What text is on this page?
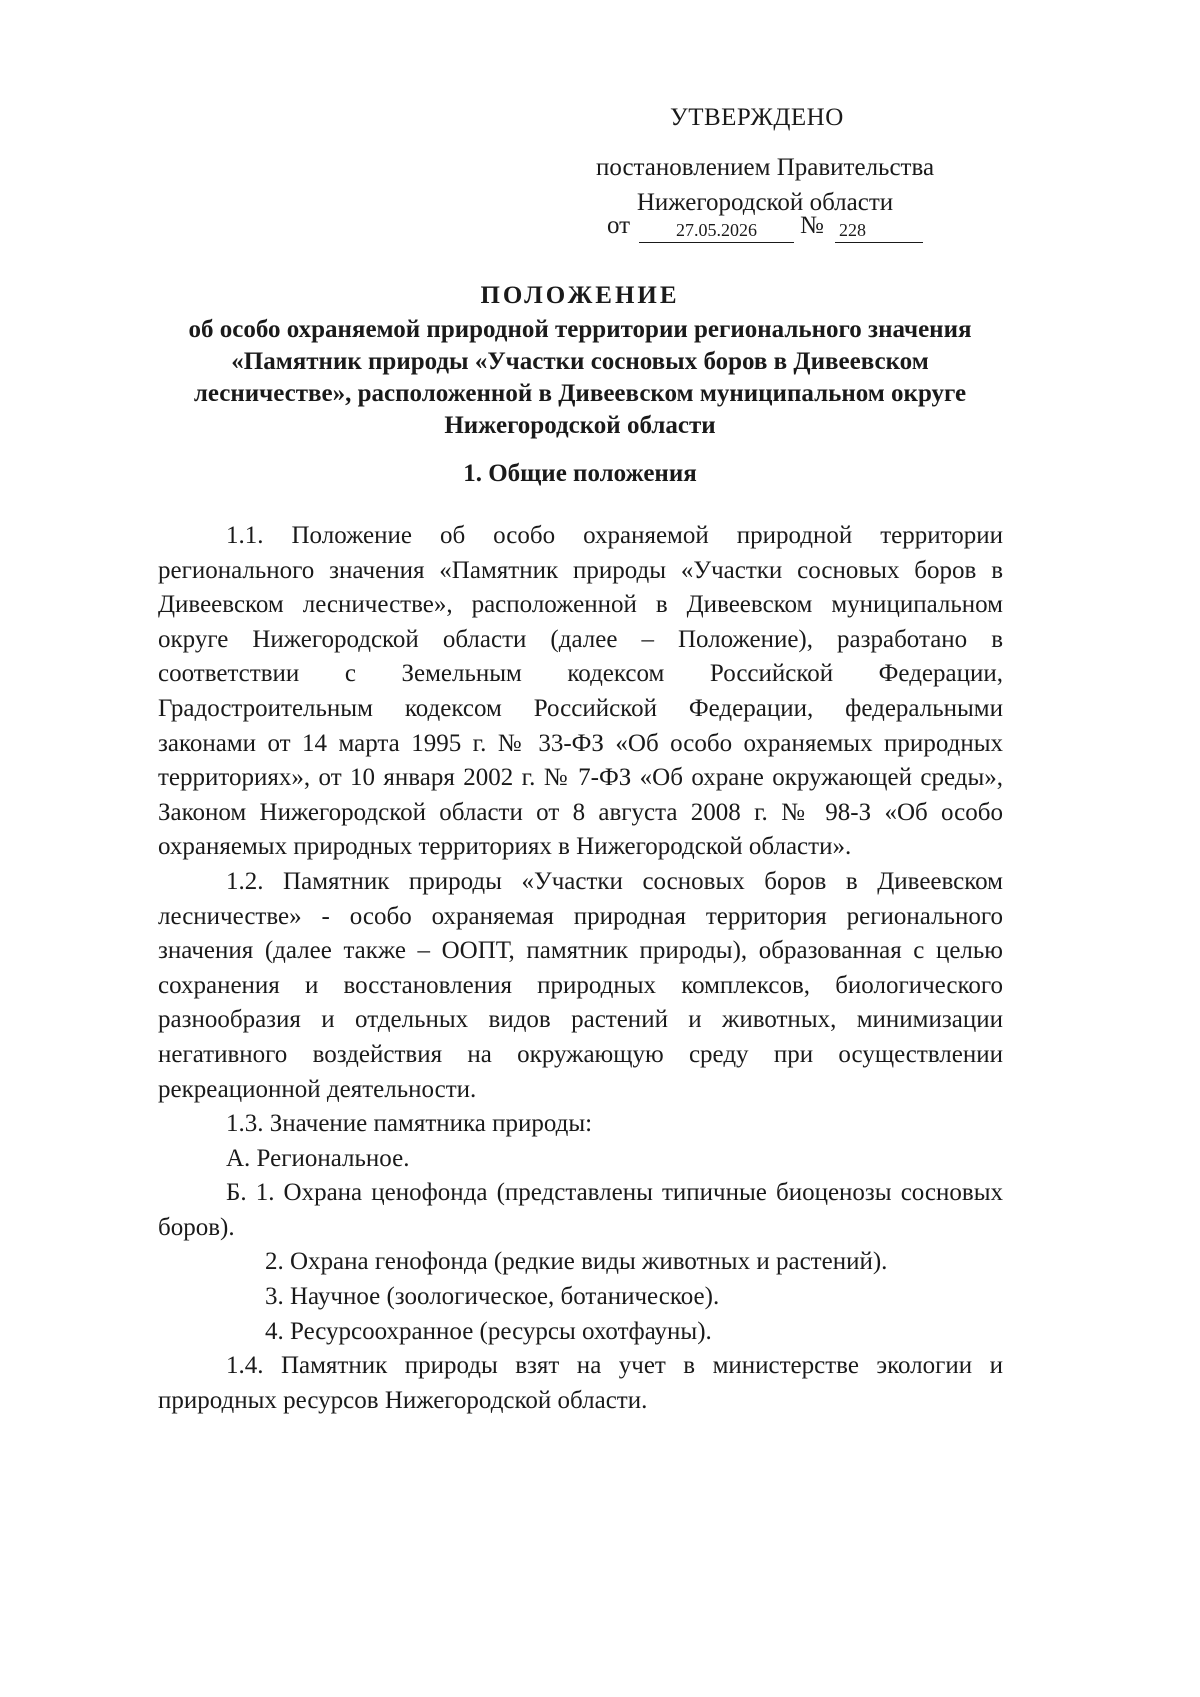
УТВЕРЖДЕНО
постановлением Правительства
Нижегородской области
от	27.05.2026	№ 228
ПОЛОЖЕНИЕ
об особо охраняемой природной территории регионального значения «Памятник природы «Участки сосновых боров в Дивеевском лесничестве», расположенной в Дивеевском муниципальном округе Нижегородской области
1. Общие положения

1.1. Положение об особо охраняемой природной территории регионального значения «Памятник природы «Участки сосновых боров в Дивеевском лесничестве», расположенной в Дивеевском муниципальном округе Нижегородской области (далее – Положение), разработано в соответствии с Земельным кодексом Российской Федерации, Градостроительным кодексом Российской Федерации, федеральными законами от 14 марта 1995 г. № 33-ФЗ «Об особо охраняемых природных территориях», от 10 января 2002 г. № 7-ФЗ «Об охране окружающей среды», Законом Нижегородской области от 8 августа 2008 г. № 98-З «Об особо охраняемых природных территориях в Нижегородской области».

1.2. Памятник природы «Участки сосновых боров в Дивеевском лесничестве» - особо охраняемая природная территория регионального значения (далее также – ООПТ, памятник природы), образованная с целью сохранения и восстановления природных комплексов, биологического разнообразия и отдельных видов растений и животных, минимизации негативного воздействия на окружающую среду при осуществлении рекреационной деятельности.

1.3. Значение памятника природы:

А. Региональное.

Б. 1. Охрана ценофонда (представлены типичные биоценозы сосновых боров).

2. Охрана генофонда (редкие виды животных и растений).

3. Научное (зоологическое, ботаническое).

4. Ресурсоохранное (ресурсы охотфауны).

1.4. Памятник природы взят на учет в министерстве экологии и природных ресурсов Нижегородской области.
